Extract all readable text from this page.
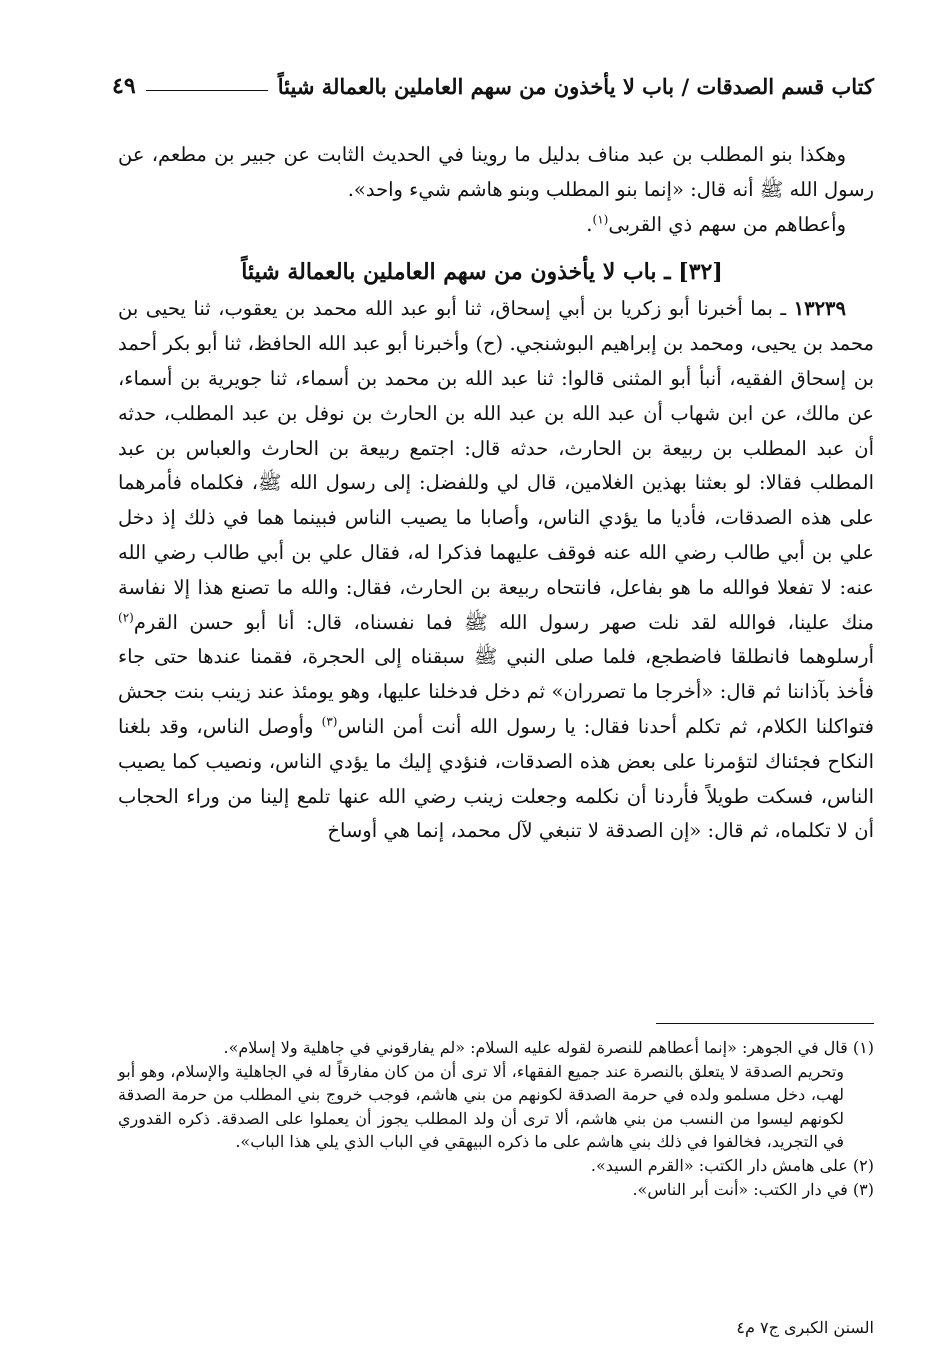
كتاب قسم الصدقات / باب لا يأخذون من سهم العاملين بالعمالة شيئاً
٤٩

وهكذا بنو المطلب بن عبد مناف بدليل ما روينا في الحديث الثابت عن جبير بن مطعم، عن رسول الله ﷺ أنه قال: «إنما بنو المطلب وبنو هاشم شيء واحد».

وأعطاهم من سهم ذي القربى$^{(١)}$.

[٣٢] ـ باب لا يأخذون من سهم العاملين بالعمالة شيئاً

١٣٢٣٩ ـ بما أخبرنا أبو زكريا بن أبي إسحاق، ثنا أبو عبد الله محمد بن يعقوب، ثنا يحيى بن محمد بن يحيى، ومحمد بن إبراهيم البوشنجي. (ح) وأخبرنا أبو عبد الله الحافظ، ثنا أبو بكر أحمد بن إسحاق الفقيه، أنبأ أبو المثنى قالوا: ثنا عبد الله بن محمد بن أسماء، ثنا جويرية بن أسماء، عن مالك، عن ابن شهاب أن عبد الله بن عبد الله بن الحارث بن نوفل بن عبد المطلب، حدثه أن عبد المطلب بن ربيعة بن الحارث، حدثه قال: اجتمع ربيعة بن الحارث والعباس بن عبد المطلب فقالا: لو بعثنا بهذين الغلامين، قال لي وللفضل: إلى رسول الله ﷺ، فكلماه فأمرهما على هذه الصدقات، فأديا ما يؤدي الناس، وأصابا ما يصيب الناس فبينما هما في ذلك إذ دخل علي بن أبي طالب رضي الله عنه فوقف عليهما فذكرا له، فقال علي بن أبي طالب رضي الله عنه: لا تفعلا فوالله ما هو بفاعل، فانتحاه ربيعة بن الحارث، فقال: والله ما تصنع هذا إلا نفاسة منك علينا، فوالله لقد نلت صهر رسول الله ﷺ فما نفسناه، قال: أنا أبو حسن القرم$^{(٢)}$ أرسلوهما فانطلقا فاضطجع، فلما صلى النبي ﷺ سبقناه إلى الحجرة، فقمنا عندها حتى جاء فأخذ بآذاننا ثم قال: «أخرجا ما تصرران» ثم دخل فدخلنا عليها، وهو يومئذ عند زينب بنت جحش فتواكلنا الكلام، ثم تكلم أحدنا فقال: يا رسول الله أنت أمن الناس$^{(٣)}$ وأوصل الناس، وقد بلغنا النكاح فجئناك لتؤمرنا على بعض هذه الصدقات، فنؤدي إليك ما يؤدي الناس، ونصيب كما يصيب الناس، فسكت طويلاً فأردنا أن نكلمه وجعلت زينب رضي الله عنها تلمع إلينا من وراء الحجاب أن لا تكلماه، ثم قال: «إن الصدقة لا تنبغي لآل محمد، إنما هي أوساخ

(١) قال في الجوهر: «إنما أعطاهم للنصرة لقوله عليه السلام: «لم يفارقوني في جاهلية ولا إسلام».

وتحريم الصدقة لا يتعلق بالنصرة عند جميع الفقهاء، ألا ترى أن من كان مفارقاً له في الجاهلية والإسلام، وهو أبو لهب، دخل مسلمو ولده في حرمة الصدقة لكونهم من بني هاشم، فوجب خروج بني المطلب من حرمة الصدقة لكونهم ليسوا من النسب من بني هاشم، ألا ترى أن ولد المطلب يجوز أن يعملوا على الصدقة. ذكره القدوري في التجريد، فخالفوا في ذلك بني هاشم على ما ذكره البيهقي في الباب الذي يلي هذا الباب».

(٢) على هامش دار الكتب: «القرم السيد».

(٣) في دار الكتب: «أنت أبر الناس».

السنن الكبرى ج٧ م٤
